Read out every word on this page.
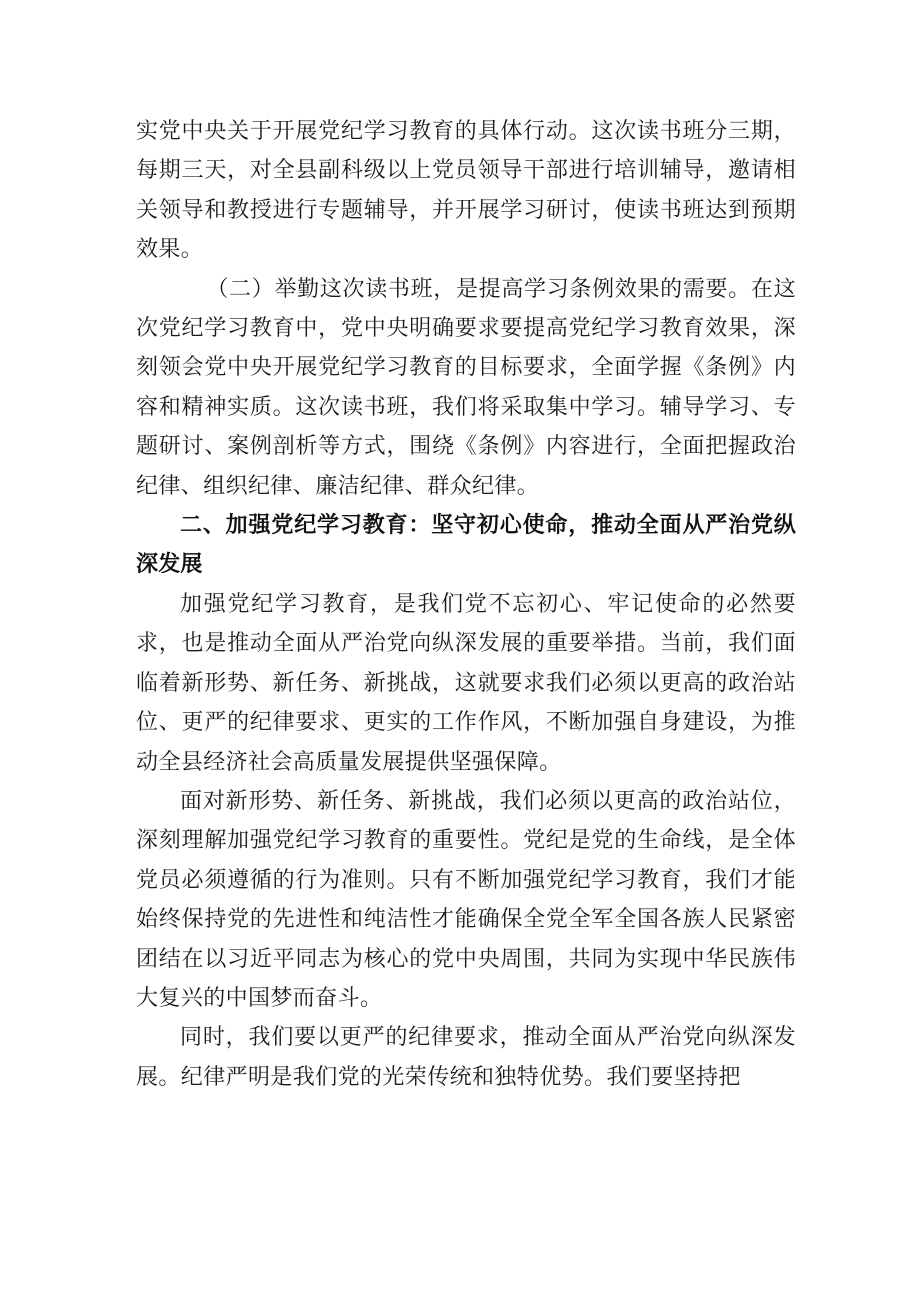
实党中央关于开展党纪学习教育的具体行动。这次读书班分三期，每期三天，对全县副科级以上党员领导干部进行培训辅导，邀请相关领导和教授进行专题辅导，并开展学习研讨，使读书班达到预期效果。

（二）举勤这次读书班，是提高学习条例效果的需要。在这次党纪学习教育中，党中央明确要求要提高党纪学习教育效果，深刻领会党中央开展党纪学习教育的目标要求，全面学握《条例》内容和精神实质。这次读书班，我们将采取集中学习。辅导学习、专题研讨、案例剖析等方式，围绕《条例》内容进行，全面把握政治纪律、组织纪律、廉洁纪律、群众纪律。

二、加强党纪学习教育：坚守初心使命，推动全面从严治党纵深发展

加强党纪学习教育，是我们党不忘初心、牢记使命的必然要求，也是推动全面从严治党向纵深发展的重要举措。当前，我们面临着新形势、新任务、新挑战，这就要求我们必须以更高的政治站位、更严的纪律要求、更实的工作作风，不断加强自身建设，为推动全县经济社会高质量发展提供坚强保障。

面对新形势、新任务、新挑战，我们必须以更高的政治站位，深刻理解加强党纪学习教育的重要性。党纪是党的生命线，是全体党员必须遵循的行为准则。只有不断加强党纪学习教育，我们才能始终保持党的先进性和纯洁性才能确保全党全军全国各族人民紧密团结在以习近平同志为核心的党中央周围，共同为实现中华民族伟大复兴的中国梦而奋斗。

同时，我们要以更严的纪律要求，推动全面从严治党向纵深发展。纪律严明是我们党的光荣传统和独特优势。我们要坚持把
